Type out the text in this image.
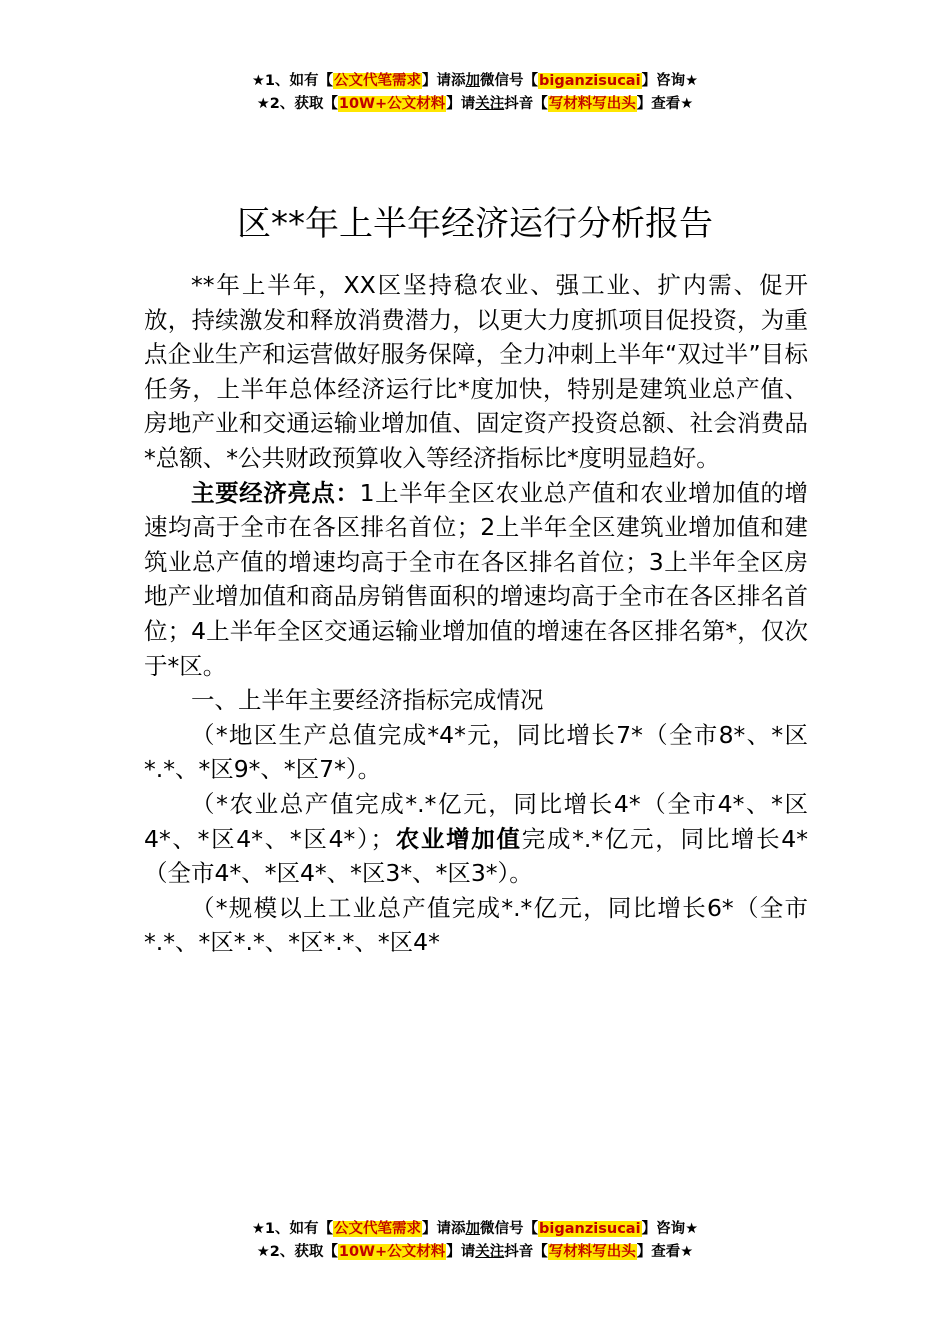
★1、如有【公文代笔需求】请添加微信号【biganzisucai】咨询★
★2、获取【10W+公文材料】请关注抖音【写材料写出头】查看★
区**年上半年经济运行分析报告

**年上半年，XX区坚持稳农业、强工业、扩内需、促开放，持续激发和释放消费潜力，以更大力度抓项目促投资，为重点企业生产和运营做好服务保障，全力冲刺上半年“双过半”目标任务，上半年总体经济运行比*度加快，特别是建筑业总产值、房地产业和交通运输业增加值、固定资产投资总额、社会消费品*总额、*公共财政预算收入等经济指标比*度明显趋好。

主要经济亮点：1上半年全区农业总产值和农业增加值的增速均高于全市在各区排名首位；2上半年全区建筑业增加值和建筑业总产值的增速均高于全市在各区排名首位；3上半年全区房地产业增加值和商品房销售面积的增速均高于全市在各区排名首位；4上半年全区交通运输业增加值的增速在各区排名第*，仅次于*区。

一、上半年主要经济指标完成情况

（*地区生产总值完成*4*元，同比增长7*（全市8*、*区*.*、*区9*、*区7*）。

（*农业总产值完成*.*亿元，同比增长4*（全市4*、*区4*、*区4*、*区4*）；农业增加值完成*.*亿元，同比增长4*（全市4*、*区4*、*区3*、*区3*）。

（*规模以上工业总产值完成*.*亿元，同比增长6*（全市*.*、*区*.*、*区*.*、*区4*

★1、如有【公文代笔需求】请添加微信号【biganzisucai】咨询★
★2、获取【10W+公文材料】请关注抖音【写材料写出头】查看★
